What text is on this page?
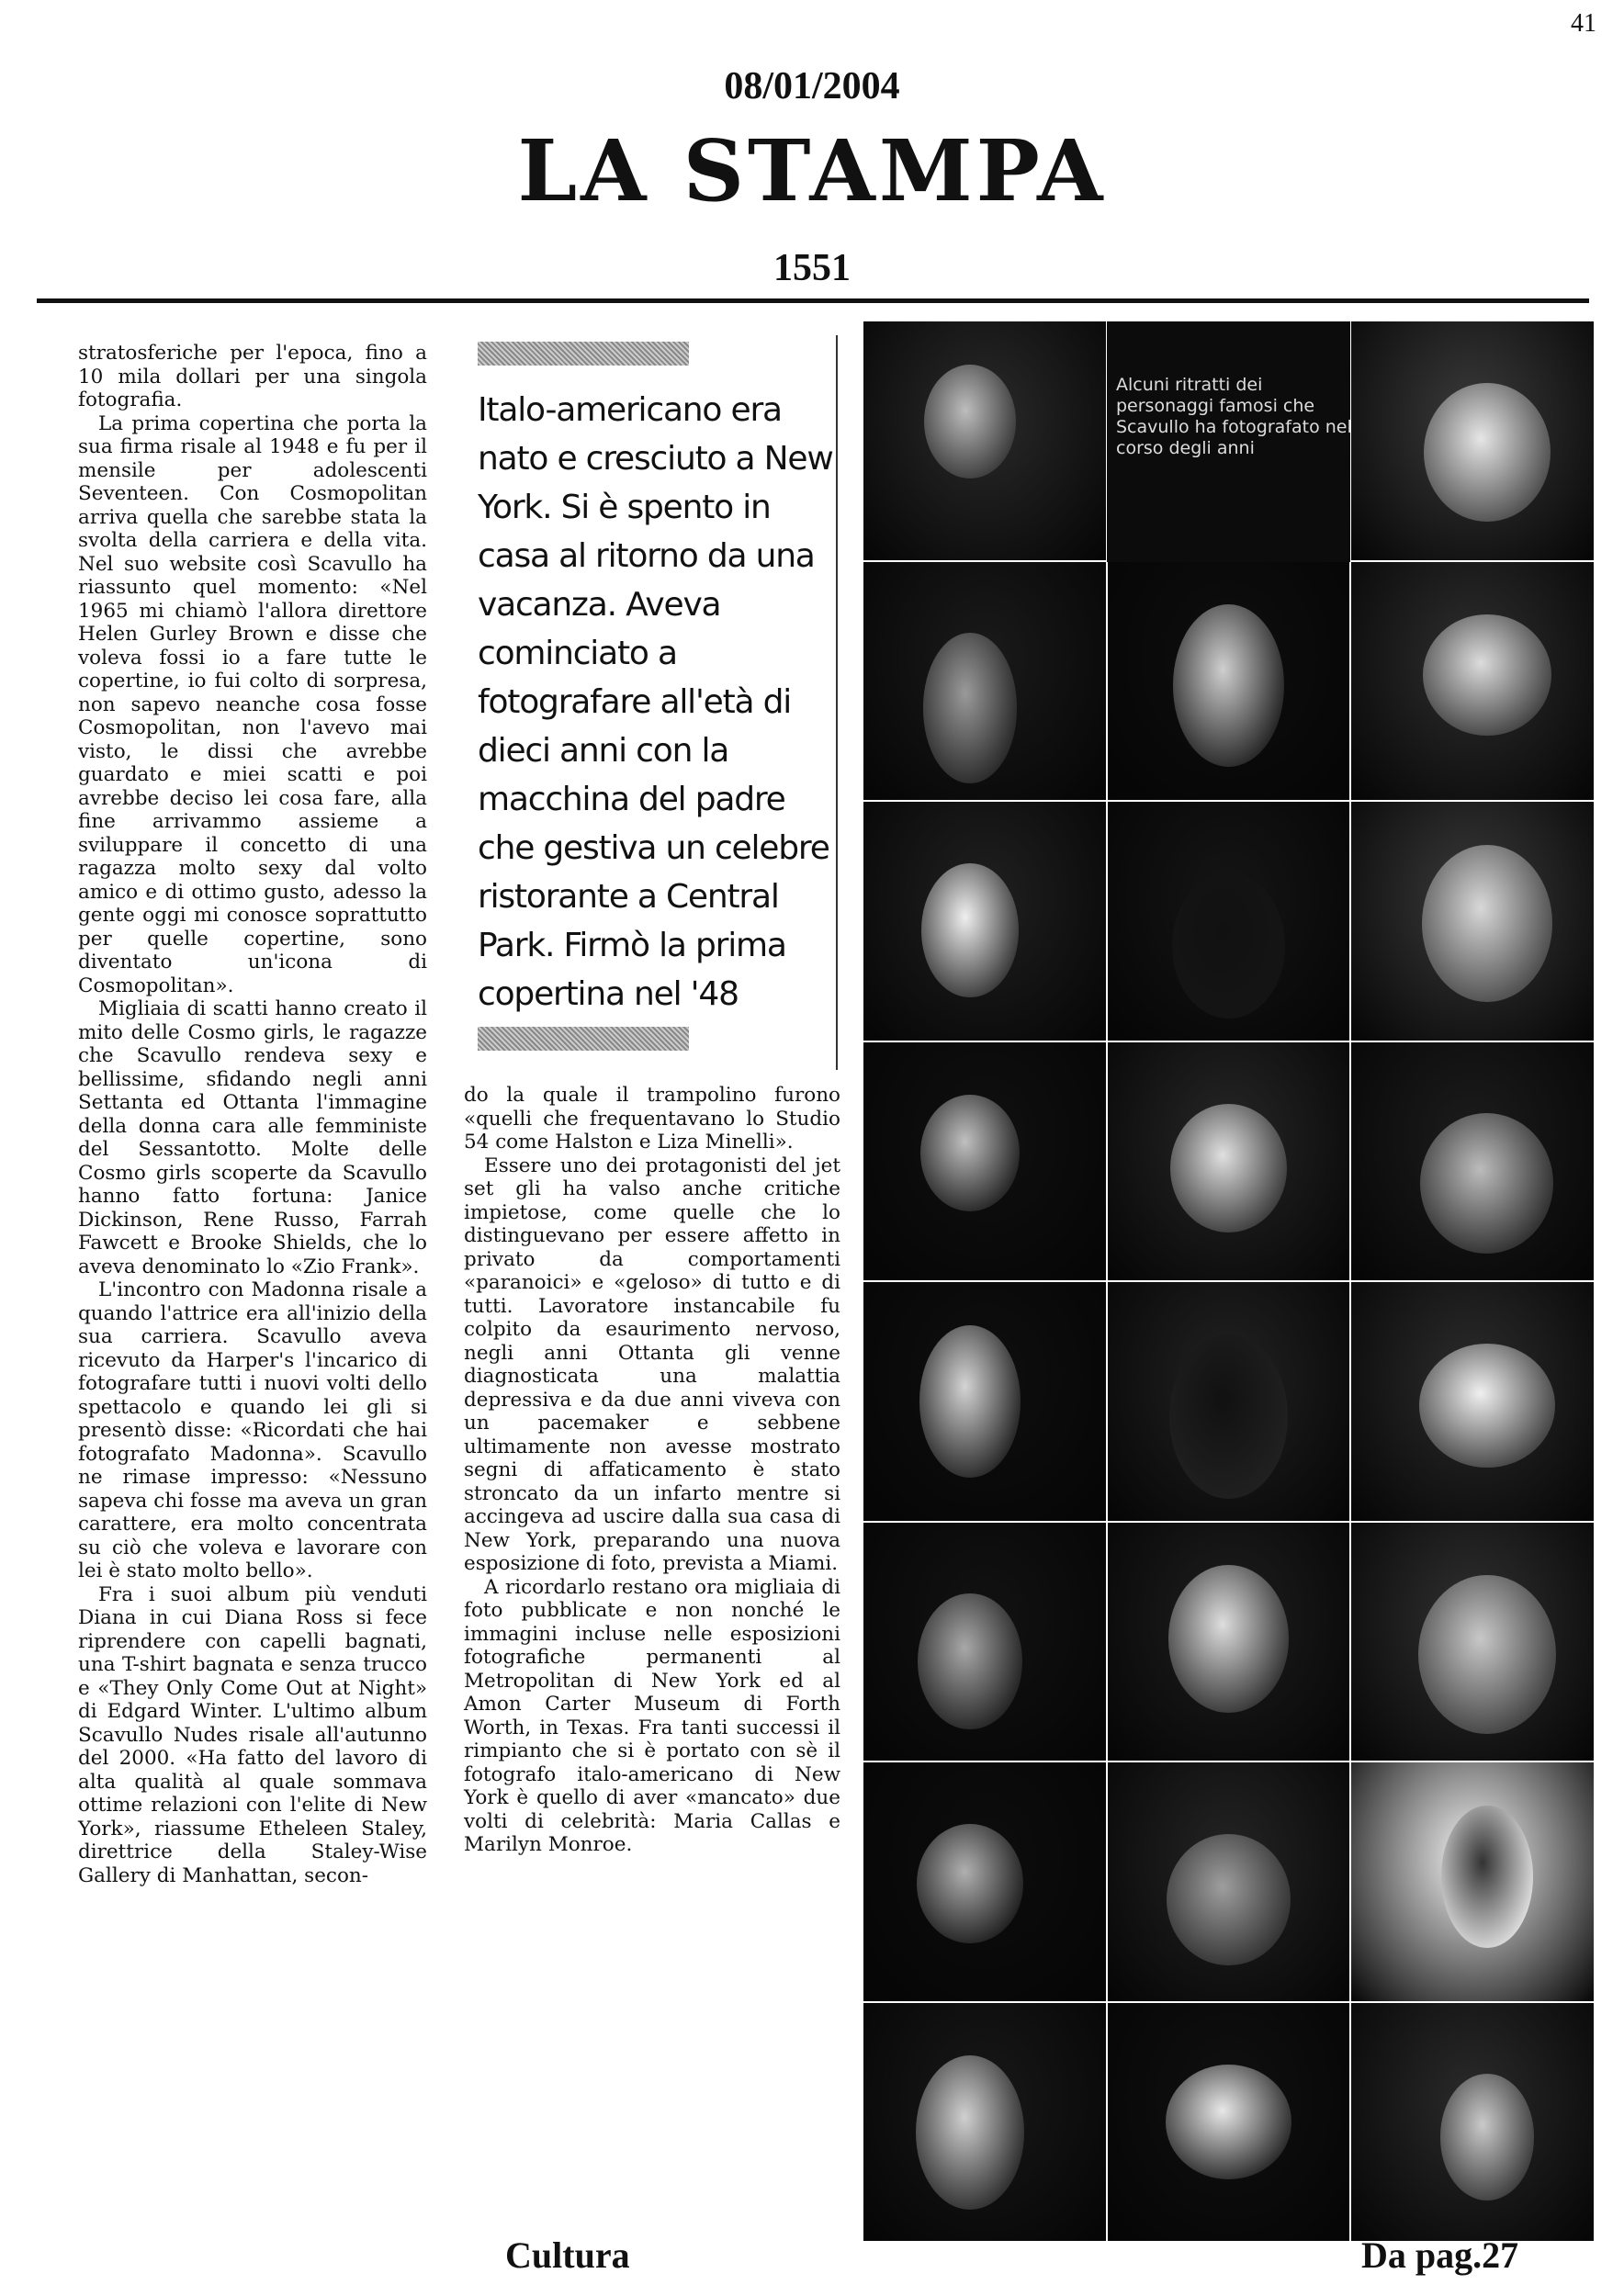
41
08/01/2004
LA STAMPA
1551

stratosferiche per l'epoca, fino a 10 mila dollari per una singola fotografia.

La prima copertina che porta la sua firma risale al 1948 e fu per il mensile per adolescenti Seventeen. Con Cosmopolitan arriva quella che sarebbe stata la svolta della carriera e della vita. Nel suo website così Scavullo ha riassunto quel momento: «Nel 1965 mi chiamò l'allora direttore Helen Gurley Brown e disse che voleva fossi io a fare tutte le copertine, io fui colto di sorpresa, non sapevo neanche cosa fosse Cosmopolitan, non l'avevo mai visto, le dissi che avrebbe guardato e miei scatti e poi avrebbe deciso lei cosa fare, alla fine arrivammo assieme a sviluppare il concetto di una ragazza molto sexy dal volto amico e di ottimo gusto, adesso la gente oggi mi conosce soprattutto per quelle copertine, sono diventato un'icona di Cosmopolitan».

Migliaia di scatti hanno creato il mito delle Cosmo girls, le ragazze che Scavullo rendeva sexy e bellissime, sfidando negli anni Settanta ed Ottanta l'immagine della donna cara alle femministe del Sessantotto. Molte delle Cosmo girls scoperte da Scavullo hanno fatto fortuna: Janice Dickinson, Rene Russo, Farrah Fawcett e Brooke Shields, che lo aveva denominato lo «Zio Frank».

L'incontro con Madonna risale a quando l'attrice era all'inizio della sua carriera. Scavullo aveva ricevuto da Harper's l'incarico di fotografare tutti i nuovi volti dello spettacolo e quando lei gli si presentò disse: «Ricordati che hai fotografato Madonna». Scavullo ne rimase impresso: «Nessuno sapeva chi fosse ma aveva un gran carattere, era molto concentrata su ciò che voleva e lavorare con lei è stato molto bello».

Fra i suoi album più venduti Diana in cui Diana Ross si fece riprendere con capelli bagnati, una T-shirt bagnata e senza trucco e «They Only Come Out at Night» di Edgard Winter. L'ultimo album Scavullo Nudes risale all'autunno del 2000. «Ha fatto del lavoro di alta qualità al quale sommava ottime relazioni con l'elite di New York», riassume Etheleen Staley, direttrice della Staley-Wise Gallery di Manhattan, secon-

Italo-americano era nato e cresciuto a New York. Si è spento in casa al ritorno da una vacanza. Aveva cominciato a fotografare all'età di dieci anni con la macchina del padre che gestiva un celebre ristorante a Central Park. Firmò la prima copertina nel '48

do la quale il trampolino furono «quelli che frequentavano lo Studio 54 come Halston e Liza Minelli».

Essere uno dei protagonisti del jet set gli ha valso anche critiche impietose, come quelle che lo distinguevano per essere affetto in privato da comportamenti «paranoici» e «geloso» di tutto e di tutti. Lavoratore instancabile fu colpito da esaurimento nervoso, negli anni Ottanta gli venne diagnosticata una malattia depressiva e da due anni viveva con un pacemaker e sebbene ultimamente non avesse mostrato segni di affaticamento è stato stroncato da un infarto mentre si accingeva ad uscire dalla sua casa di New York, preparando una nuova esposizione di foto, prevista a Miami.

A ricordarlo restano ora migliaia di foto pubblicate e non nonché le immagini incluse nelle esposizioni fotografiche permanenti al Metropolitan di New York ed al Amon Carter Museum di Forth Worth, in Texas. Fra tanti successi il rimpianto che si è portato con sè il fotografo italo-americano di New York è quello di aver «mancato» due volti di celebrità: Maria Callas e Marilyn Monroe.

Alcuni ritratti dei personaggi famosi che Scavullo ha fotografato nel corso degli anni
Cultura	Da pag.27
